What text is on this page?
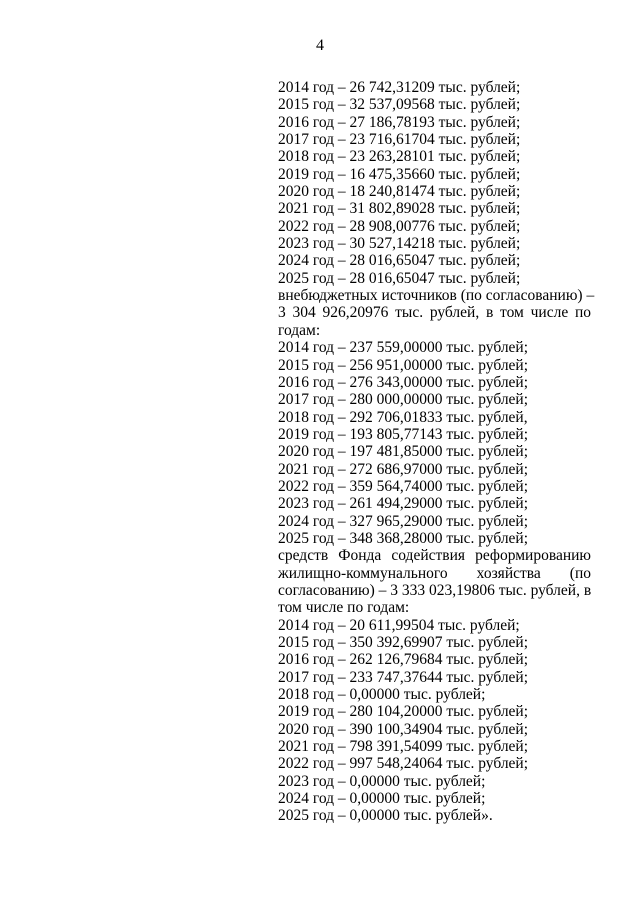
4
2014 год – 26 742,31209 тыс. рублей;
2015 год – 32 537,09568 тыс. рублей;
2016 год – 27 186,78193 тыс. рублей;
2017 год – 23 716,61704 тыс. рублей;
2018 год – 23 263,28101 тыс. рублей;
2019 год – 16 475,35660 тыс. рублей;
2020 год – 18 240,81474 тыс. рублей;
2021 год – 31 802,89028 тыс. рублей;
2022 год – 28 908,00776 тыс. рублей;
2023 год – 30 527,14218 тыс. рублей;
2024 год – 28 016,65047 тыс. рублей;
2025 год – 28 016,65047 тыс. рублей;
внебюджетных источников (по согласованию) –
3 304 926,20976 тыс. рублей, в том числе по
годам:
2014 год – 237 559,00000 тыс. рублей;
2015 год – 256 951,00000 тыс. рублей;
2016 год – 276 343,00000 тыс. рублей;
2017 год – 280 000,00000 тыс. рублей;
2018 год – 292 706,01833 тыс. рублей,
2019 год – 193 805,77143 тыс. рублей;
2020 год – 197 481,85000 тыс. рублей;
2021 год – 272 686,97000 тыс. рублей;
2022 год – 359 564,74000 тыс. рублей;
2023 год – 261 494,29000 тыс. рублей;
2024 год – 327 965,29000 тыс. рублей;
2025 год – 348 368,28000 тыс. рублей;
средств Фонда содействия реформированию
жилищно-коммунального хозяйства (по
согласованию) – 3 333 023,19806 тыс. рублей, в
том числе по годам:
2014 год – 20 611,99504 тыс. рублей;
2015 год – 350 392,69907 тыс. рублей;
2016 год – 262 126,79684 тыс. рублей;
2017 год – 233 747,37644 тыс. рублей;
2018 год – 0,00000 тыс. рублей;
2019 год – 280 104,20000 тыс. рублей;
2020 год – 390 100,34904 тыс. рублей;
2021 год – 798 391,54099 тыс. рублей;
2022 год – 997 548,24064 тыс. рублей;
2023 год – 0,00000 тыс. рублей;
2024 год – 0,00000 тыс. рублей;
2025 год – 0,00000 тыс. рублей».
